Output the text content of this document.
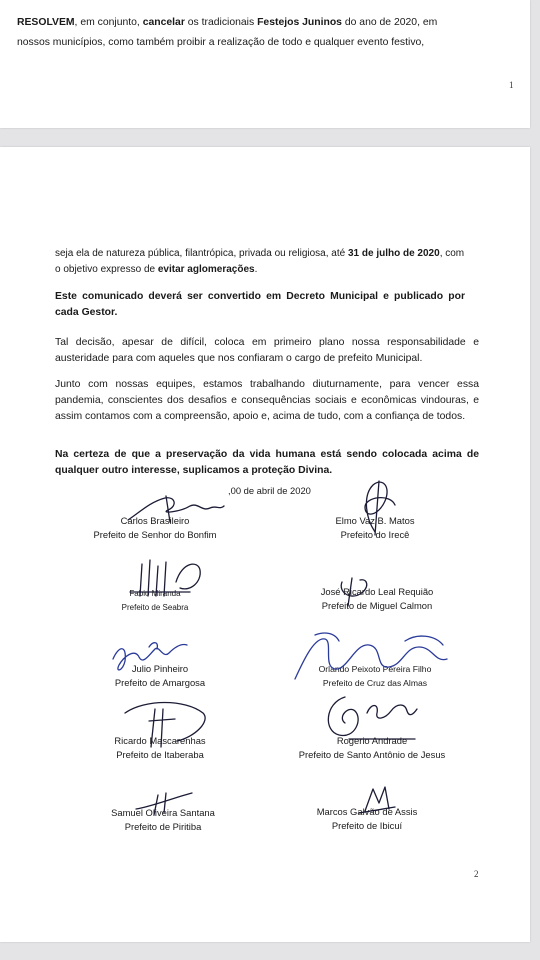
RESOLVEM, em conjunto, cancelar os tradicionais Festejos Juninos do ano de 2020, em
nossos municípios, como também proibir a realização de todo e qualquer evento festivo,
1
seja ela de natureza pública, filantrópica, privada ou religiosa, até 31 de julho de 2020, com
o objetivo expresso de evitar aglomerações.
Este comunicado deverá ser convertido em Decreto Municipal e publicado por cada Gestor.
Tal decisão, apesar de difícil, coloca em primeiro plano nossa responsabilidade e austeridade para com aqueles que nos confiaram o cargo de prefeito Municipal.
Junto com nossas equipes, estamos trabalhando diuturnamente, para vencer essa pandemia, conscientes dos desafios e consequências sociais e econômicas vindouras, e assim contamos com a compreensão, apoio e, acima de tudo, com a confiança de todos.
Na certeza de que a preservação da vida humana está sendo colocada acima de qualquer outro interesse, suplicamos a proteção Divina.
,00 de abril de 2020
Carlos Brasileiro
Prefeito de Senhor do Bonfim
Elmo Vaz B. Matos
Prefeito do Irecê
Fabio Miranda
Prefeito de Seabra
José Ricardo Leal Requião
Prefeito de Miguel Calmon
Julio Pinheiro
Prefeito de Amargosa
Orlando Peixoto Pereira Filho
Prefeito de Cruz das Almas
Ricardo Mascarenhas
Prefeito de Itaberaba
Rogerio Andrade
Prefeito de Santo Antônio de Jesus
Samuel Oliveira Santana
Prefeito de Piritiba
Marcos Galvão de Assis
Prefeito de Ibicuí
2
